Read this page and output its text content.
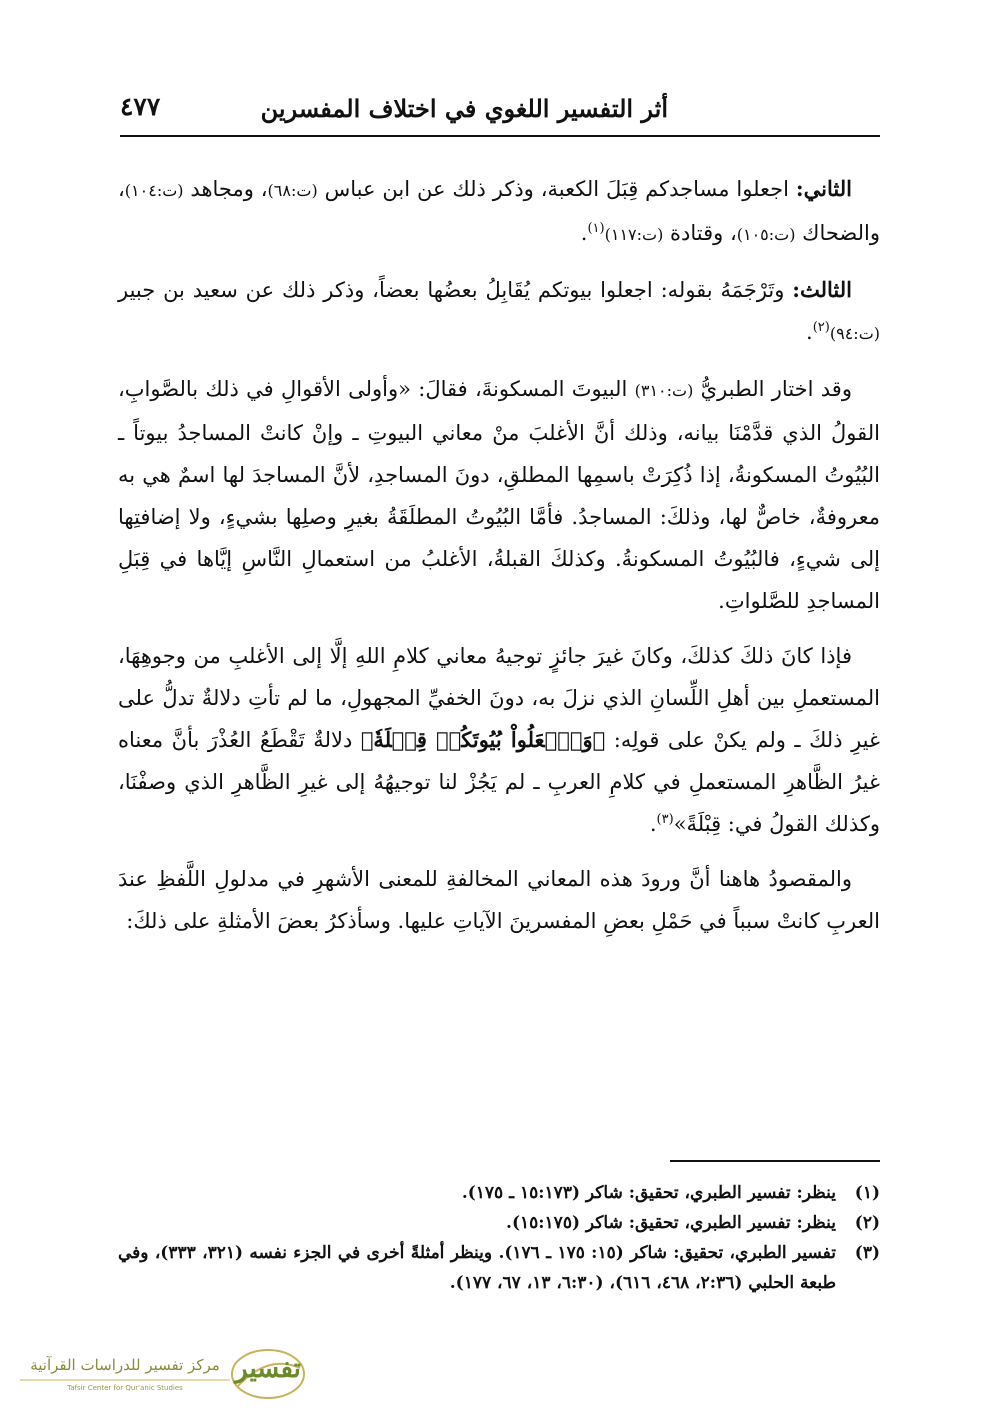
أثر التفسير اللغوي في اختلاف المفسرين
٤٧٧

الثاني: اجعلوا مساجدكم قِبَلَ الكعبة، وذكر ذلك عن ابن عباس (ت:٦٨)، ومجاهد (ت:١٠٤)، والضحاك (ت:١٠٥)، وقتادة (ت:١١٧)$^{(١)}$.

الثالث: وتَرْجَمَهُ بقوله: اجعلوا بيوتكم يُقَابِلُ بعضُها بعضاً، وذكر ذلك عن سعيد بن جبير (ت:٩٤)$^{(٢)}$.

وقد اختار الطبريُّ (ت:٣١٠) البيوتَ المسكونةَ، فقالَ: «وأولى الأقوالِ في ذلك بالصَّوابِ، القولُ الذي قدَّمْنَا بيانه، وذلك أنَّ الأغلبَ منْ معاني البيوتِ ـ وإنْ كانتْ المساجدُ بيوتاً ـ البُيُوتُ المسكونةُ، إذا ذُكِرَتْ باسمِها المطلقِ، دونَ المساجدِ، لأنَّ المساجدَ لها اسمٌ هي به معروفةٌ، خاصٌّ لها، وذلكَ: المساجدُ. فأمَّا البُيُوتُ المطلَقَةُ بغيرِ وصلِها بشيءٍ، ولا إضافتِها إلى شيءٍ، فالبُيُوتُ المسكونةُ. وكذلكَ القبلةُ، الأغلبُ من استعمالِ النَّاسِ إيَّاها في قِبَلِ المساجدِ للصَّلواتِ.

فإذا كانَ ذلكَ كذلكَ، وكانَ غيرَ جائزٍ توجيهُ معاني كلامِ اللهِ إلَّا إلى الأغلبِ من وجوهِهَا، المستعملِ بين أهلِ اللِّسانِ الذي نزلَ به، دونَ الخفيِّ المجهولِ، ما لم تأتِ دلالةٌ تدلُّ على غيرِ ذلكَ ـ ولم يكنْ على قولِه: ﴿وَٱجۡعَلُواْ بُيُوتَكُمۡ قِبۡلَةٗ﴾ دلالةٌ تَقْطَعُ العُذْرَ بأنَّ معناه غيرُ الظَّاهرِ المستعملِ في كلامِ العربِ ـ لم يَجُزْ لنا توجيهُهُ إلى غيرِ الظَّاهرِ الذي وصفْنَا، وكذلك القولُ في: قِبْلَةً»$^{(٣)}$.

والمقصودُ هاهنا أنَّ ورودَ هذه المعاني المخالفةِ للمعنى الأشهرِ في مدلولِ اللَّفظِ عندَ العربِ كانتْ سبباً في حَمْلِ بعضِ المفسرينَ الآياتِ عليها. وسأذكرُ بعضَ الأمثلةِ على ذلكَ:

(١)
ينظر: تفسير الطبري، تحقيق: شاكر (١٥:١٧٣ ـ ١٧٥).

(٢)
ينظر: تفسير الطبري، تحقيق: شاكر (١٥:١٧٥).

(٣)
تفسير الطبري، تحقيق: شاكر (١٥: ١٧٥ ـ ١٧٦). وينظر أمثلةً أخرى في الجزء نفسه (٣٢١، ٣٣٣)، وفي طبعة الحلبي (٢:٣٦، ٤٦٨، ٦١٦)، (٦:٣٠، ١٣، ٦٧، ١٧٧).

مركز تفسير للدراسات القرآنية
Tafsir Center for Qur'anic Studies
تفسير
